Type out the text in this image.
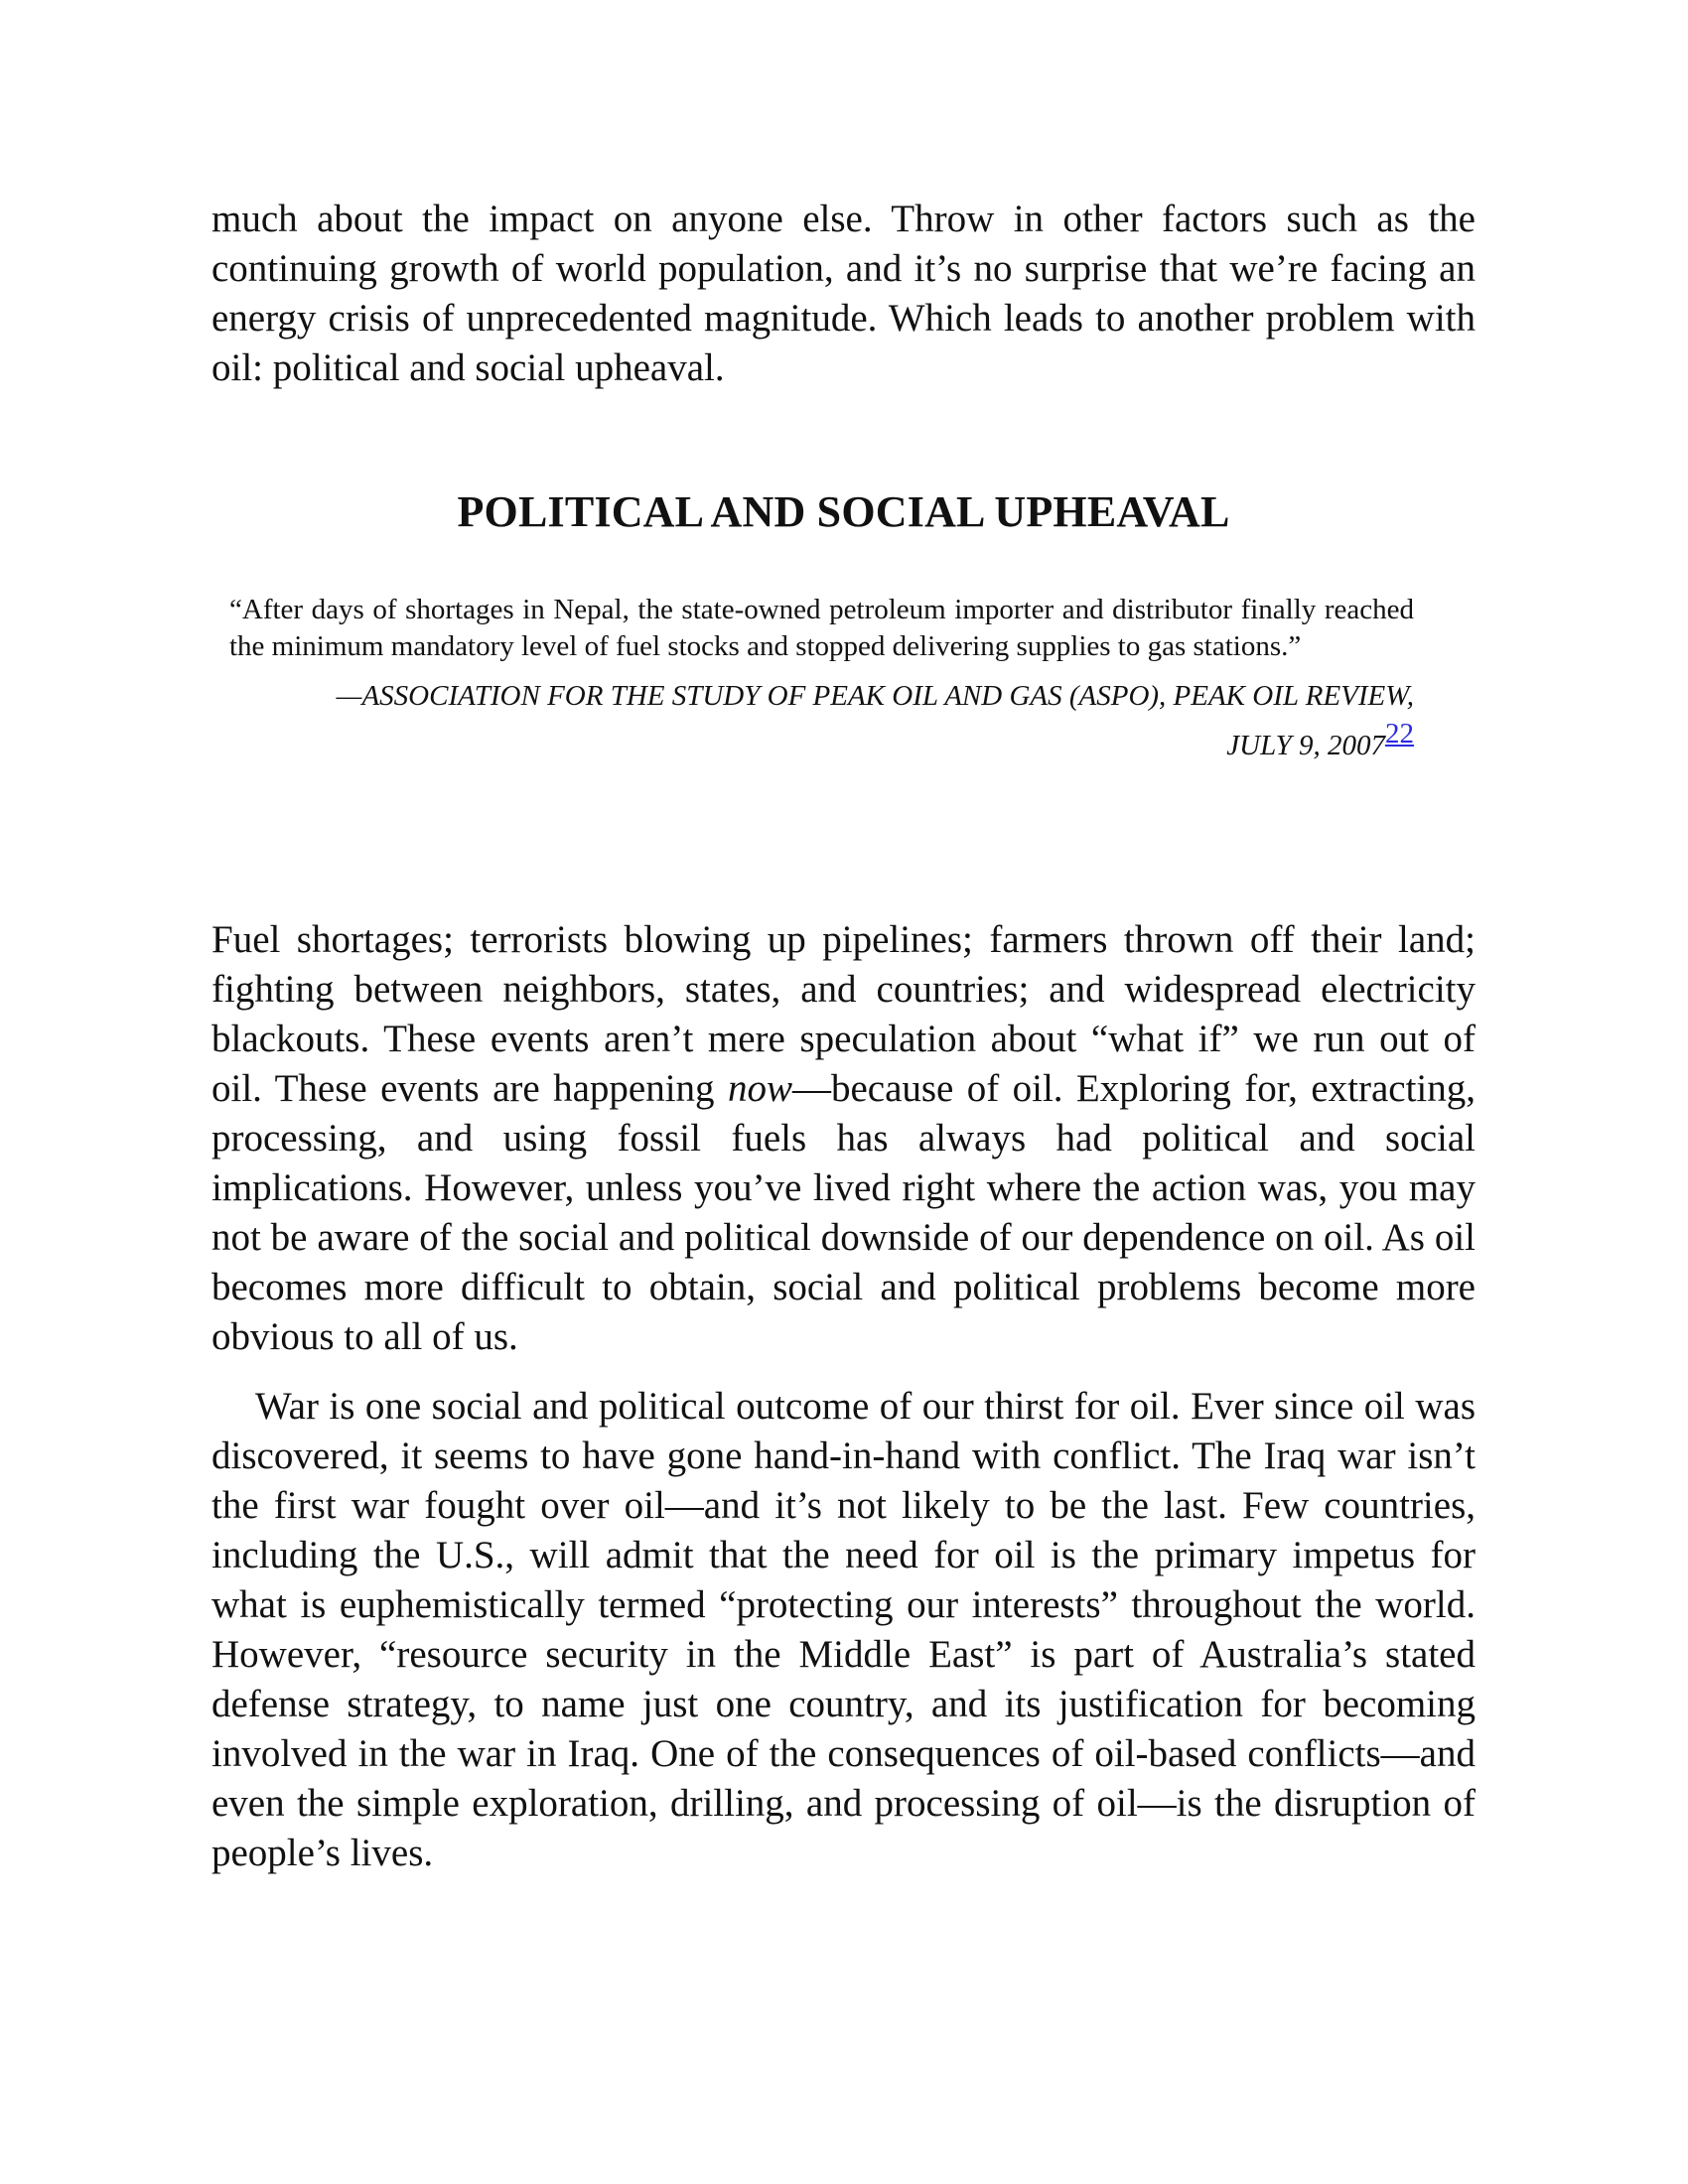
much about the impact on anyone else. Throw in other factors such as the continuing growth of world population, and it’s no surprise that we’re facing an energy crisis of unprecedented magnitude. Which leads to another problem with oil: political and social upheaval.

POLITICAL AND SOCIAL UPHEAVAL

“After days of shortages in Nepal, the state-owned petroleum importer and distributor finally reached the minimum mandatory level of fuel stocks and stopped delivering supplies to gas stations.”

—ASSOCIATION FOR THE STUDY OF PEAK OIL AND GAS (ASPO), PEAK OIL REVIEW,
JULY 9, 200722

Fuel shortages; terrorists blowing up pipelines; farmers thrown off their land; fighting between neighbors, states, and countries; and widespread electricity blackouts. These events aren’t mere speculation about “what if” we run out of oil. These events are happening now—because of oil. Exploring for, extracting, processing, and using fossil fuels has always had political and social implications. However, unless you’ve lived right where the action was, you may not be aware of the social and political downside of our dependence on oil. As oil becomes more difficult to obtain, social and political problems become more obvious to all of us.

War is one social and political outcome of our thirst for oil. Ever since oil was discovered, it seems to have gone hand-in-hand with conflict. The Iraq war isn’t the first war fought over oil—and it’s not likely to be the last. Few countries, including the U.S., will admit that the need for oil is the primary impetus for what is euphemistically termed “protecting our interests” throughout the world. However, “resource security in the Middle East” is part of Australia’s stated defense strategy, to name just one country, and its justification for becoming involved in the war in Iraq. One of the consequences of oil-based conflicts—and even the simple exploration, drilling, and processing of oil—is the disruption of people’s lives.
